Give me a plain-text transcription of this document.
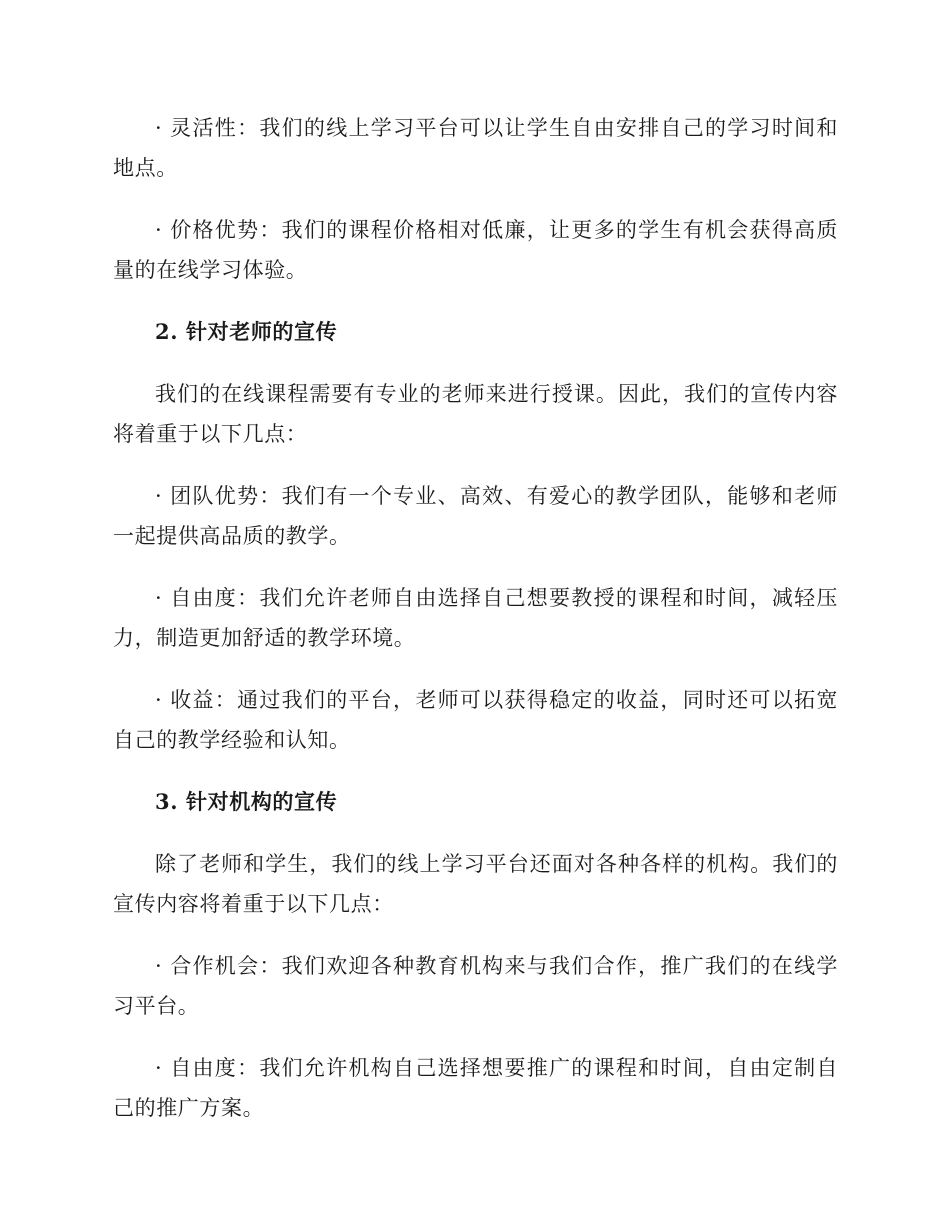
· 灵活性：我们的线上学习平台可以让学生自由安排自己的学习时间和地点。

· 价格优势：我们的课程价格相对低廉，让更多的学生有机会获得高质量的在线学习体验。

2. 针对老师的宣传

我们的在线课程需要有专业的老师来进行授课。因此，我们的宣传内容将着重于以下几点：

· 团队优势：我们有一个专业、高效、有爱心的教学团队，能够和老师一起提供高品质的教学。

· 自由度：我们允许老师自由选择自己想要教授的课程和时间，减轻压力，制造更加舒适的教学环境。

· 收益：通过我们的平台，老师可以获得稳定的收益，同时还可以拓宽自己的教学经验和认知。

3. 针对机构的宣传

除了老师和学生，我们的线上学习平台还面对各种各样的机构。我们的宣传内容将着重于以下几点：

· 合作机会：我们欢迎各种教育机构来与我们合作，推广我们的在线学习平台。

· 自由度：我们允许机构自己选择想要推广的课程和时间，自由定制自己的推广方案。
